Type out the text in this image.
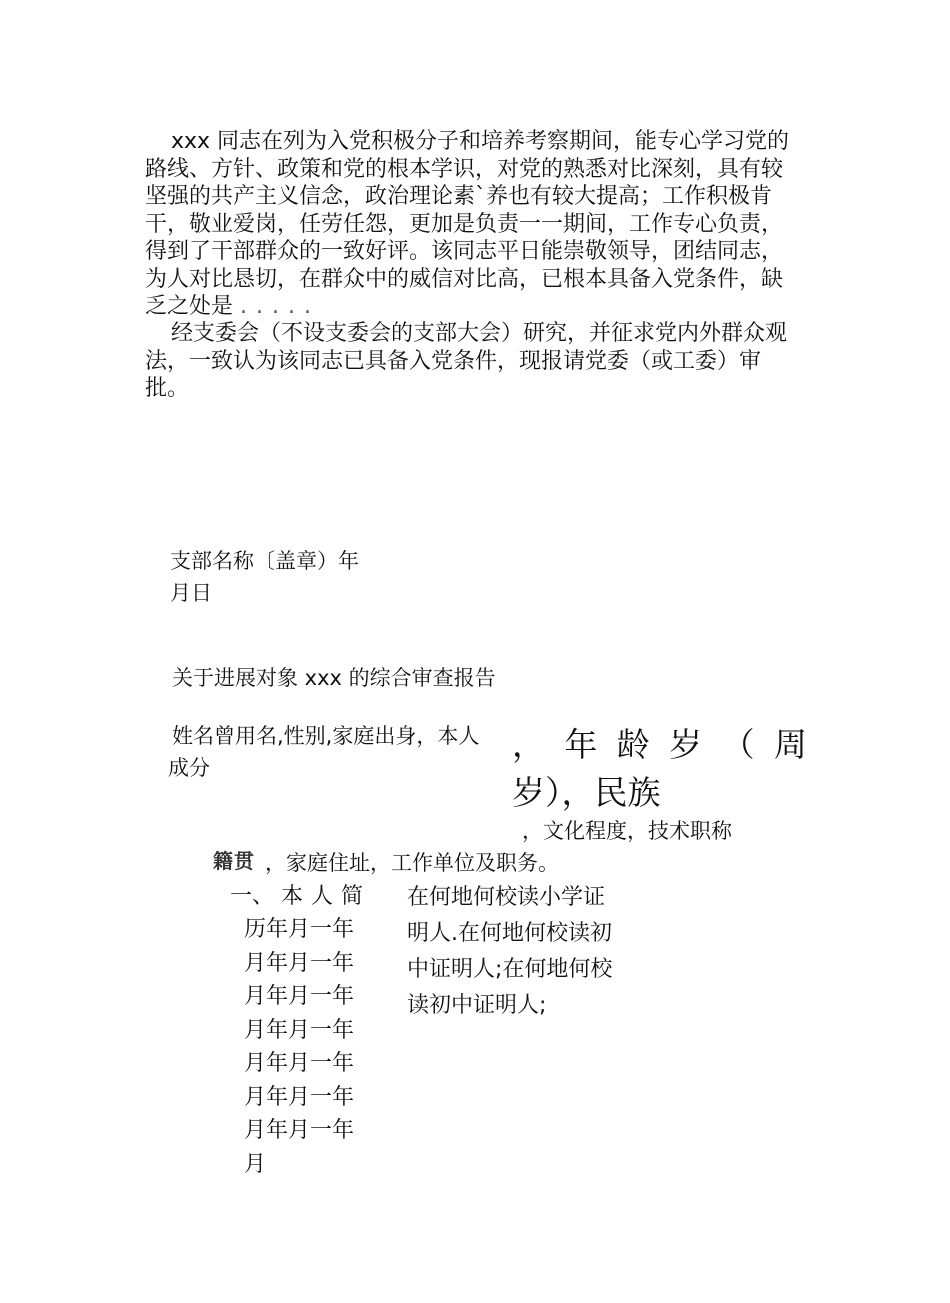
xxx 同志在列为入党积极分子和培养考察期间，能专心学习党的
路线、方针、政策和党的根本学识，对党的熟悉对比深刻，具有较
坚强的共产主义信念，政治理论素`养也有较大提高；工作积极肯
干，敬业爱岗，任劳任怨，更加是负责一一期间，工作专心负责，
得到了干部群众的一致好评。该同志平日能崇敬领导，团结同志，
为人对比恳切，在群众中的威信对比高，已根本具备入党条件，缺
乏之处是 . . . . .

经支委会（不设支委会的支部大会）研究，并征求党内外群众观
法，一致认为该同志已具备入党条件，现报请党委（或工委）审
批。

支部名称〔盖章）年
月日
关于进展对象 xxx 的综合审查报告
姓名曾用名,性别,家庭出身，本人
成分
， 年 龄 岁 （ 周
岁），民族
，文化程度，技术职称
籍贯 ，家庭住址，工作单位及职务。
一、 本人简
历年月一年
月年月一年
月年月一年
月年月一年
月年月一年
月年月一年
月年月一年
月
在何地何校读小学证
明人.在何地何校读初
中证明人;在何地何校
读初中证明人;
